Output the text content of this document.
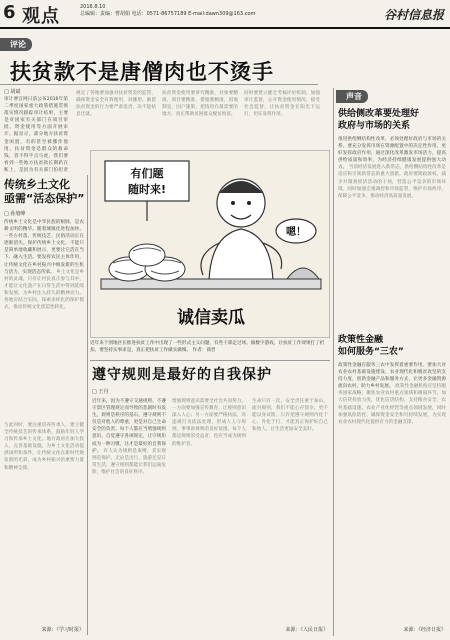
6 观点	2016.8.10
总编辑：责编：曹胡娟 电话：0571-86757189 E-mail:dawn309@163.com	谷村信息报
评论
扶贫款不是唐僧肉也不烫手
□ 胡斌
审计署官网日前公布2016年第二季度国家重大政策措施贯彻落实情况跟踪审计结果，主要是对国家有关部门在项目审批、资金使用等方面开展审计。据显示，部分地方扶贫资金闲置，有的甚至被挪作他用。扶贫资金是群众的救命钱，容不得半点马虎，我们要看到一些地方扶贫款长期趴在账上，是因为有关部门怕担责
规定了各地要加强对扶贫资金的监管，确保资金安全有效使用，对挪用、截留扶贫资金的行为要严肃追责，决不能姑息迁就。
扶贫资金使用要讲究精准，对象要精准、项目要精准、措施要精准，因地制宜、因户施策，把钱用在最需要的地方，真正帮助贫困群众脱贫致富。
同时要建立健全考核评价机制，加强审计监督，公开资金使用情况，接受社会监督，让扶贫资金在阳光下运行，切实发挥作用。
传统乡土文化
亟需“活态保护”
□ 孙旭峰
传统乡土文化是中华民族的根脉，是农耕文明的精华。随着城镇化进程加快，一些古村落、传统技艺、民俗活动正在逐渐消失。保护传统乡土文化，不能只是简单地收藏和展示，更要让它活在当下、融入生活。要发挥农民主体作用，让传统文化在乡村振兴中焕发新的生机与活力，实现活态传承。 乡土文化是乡村的灵魂，只有让村民真正参与其中，才能让文化遗产在日常生活中得到延续和发展，为乡村注入持久的精神动力。各地应结合实际，探索多样化的保护模式，推动传统文化创造性转化。
与此同时，要注重培养传承人，建立健全传统技艺的传承体系，鼓励年轻人学习和传承乡土文化。地方政府应加大投入，完善基础设施，为乡土文化活动提供场所和条件，让传统文化在新时代焕发新的光彩，成为乡村振兴的重要力量和精神支撑。
来源：《学习时报》
有们题
随时来!
嗯！
诚信卖瓜
近年来个别地区在推进扶贫工作中出现了一些形式主义问题，有些干部走过场、搞数字游戏，让扶贫工作效果打了折扣。要坚持实事求是，真正把扶贫工作做实做细。 作者：商晋
遵守规则是最好的自我保护
□ 王丹
近年来，因为不遵守交通规则、不遵守景区管理规定而导致的悲剧时有发生。规则是秩序的基石，遵守规则不仅是对他人的尊重，更是对自己生命安全的负责。每个人都应当增强规则意识，自觉遵守各项规定，让守规矩成为一种习惯，这才是最好的自我保护。 有人认为规则是束缚，其实规则是保护。无论是出行、旅游还是日常生活，遵守规则都能让我们远离危险，维护社会的良好秩序。
增强规则意识需要全社会共同努力。一方面要加强宣传教育，让规则意识深入人心；另一方面要严格执法，对违规行为依法处理，形成人人守规则、事事讲规则的良好氛围。每个人都是规则的受益者，也应当成为规则的维护者。
生命只有一次，安全责任重于泰山。面对规则，我们不能心存侥幸，更不能以身试险。只有把遵守规则内化于心、外化于行，才能真正保护好自己和他人，让生活更加安全美好。
来源：《人民日报》
声音
供给侧改革要处理好
政府与市场的关系
推进供给侧结构性改革，必须处理好政府与市场的关系。要充分发挥市场在资源配置中的决定性作用，更好发挥政府作用，通过深化改革激发市场活力，提高供给质量和效率，为经济持续健康发展提供强大动力。 当前经济发展进入新常态，供给侧结构性改革是适应和引领新常态的重大创新。政府要简政放权，减少对微观经济活动的干预，营造公平竞争的市场环境，同时加强宏观调控和市场监管，维护市场秩序，保障公平竞争，推动经济高质量发展。
政策性金融
如何服务“三农”
政策性金融在服务三农中发挥着重要作用。要加大对农业农村基础设施建设、农业现代化和脱贫攻坚的支持力度，创新金融产品和服务方式，让更多金融资源流向农村，助力乡村发展。 政策性金融机构应坚持服务国家战略，聚焦农业农村重点领域和薄弱环节，加大信贷投放力度，优化信贷结构，支持粮食安全、农村基础设施、农业产业化经营等重点领域发展，同时加强风险防控，确保资金安全和可持续发展，为实现农业农村现代化提供有力的金融支撑。
来源：《经济日报》
